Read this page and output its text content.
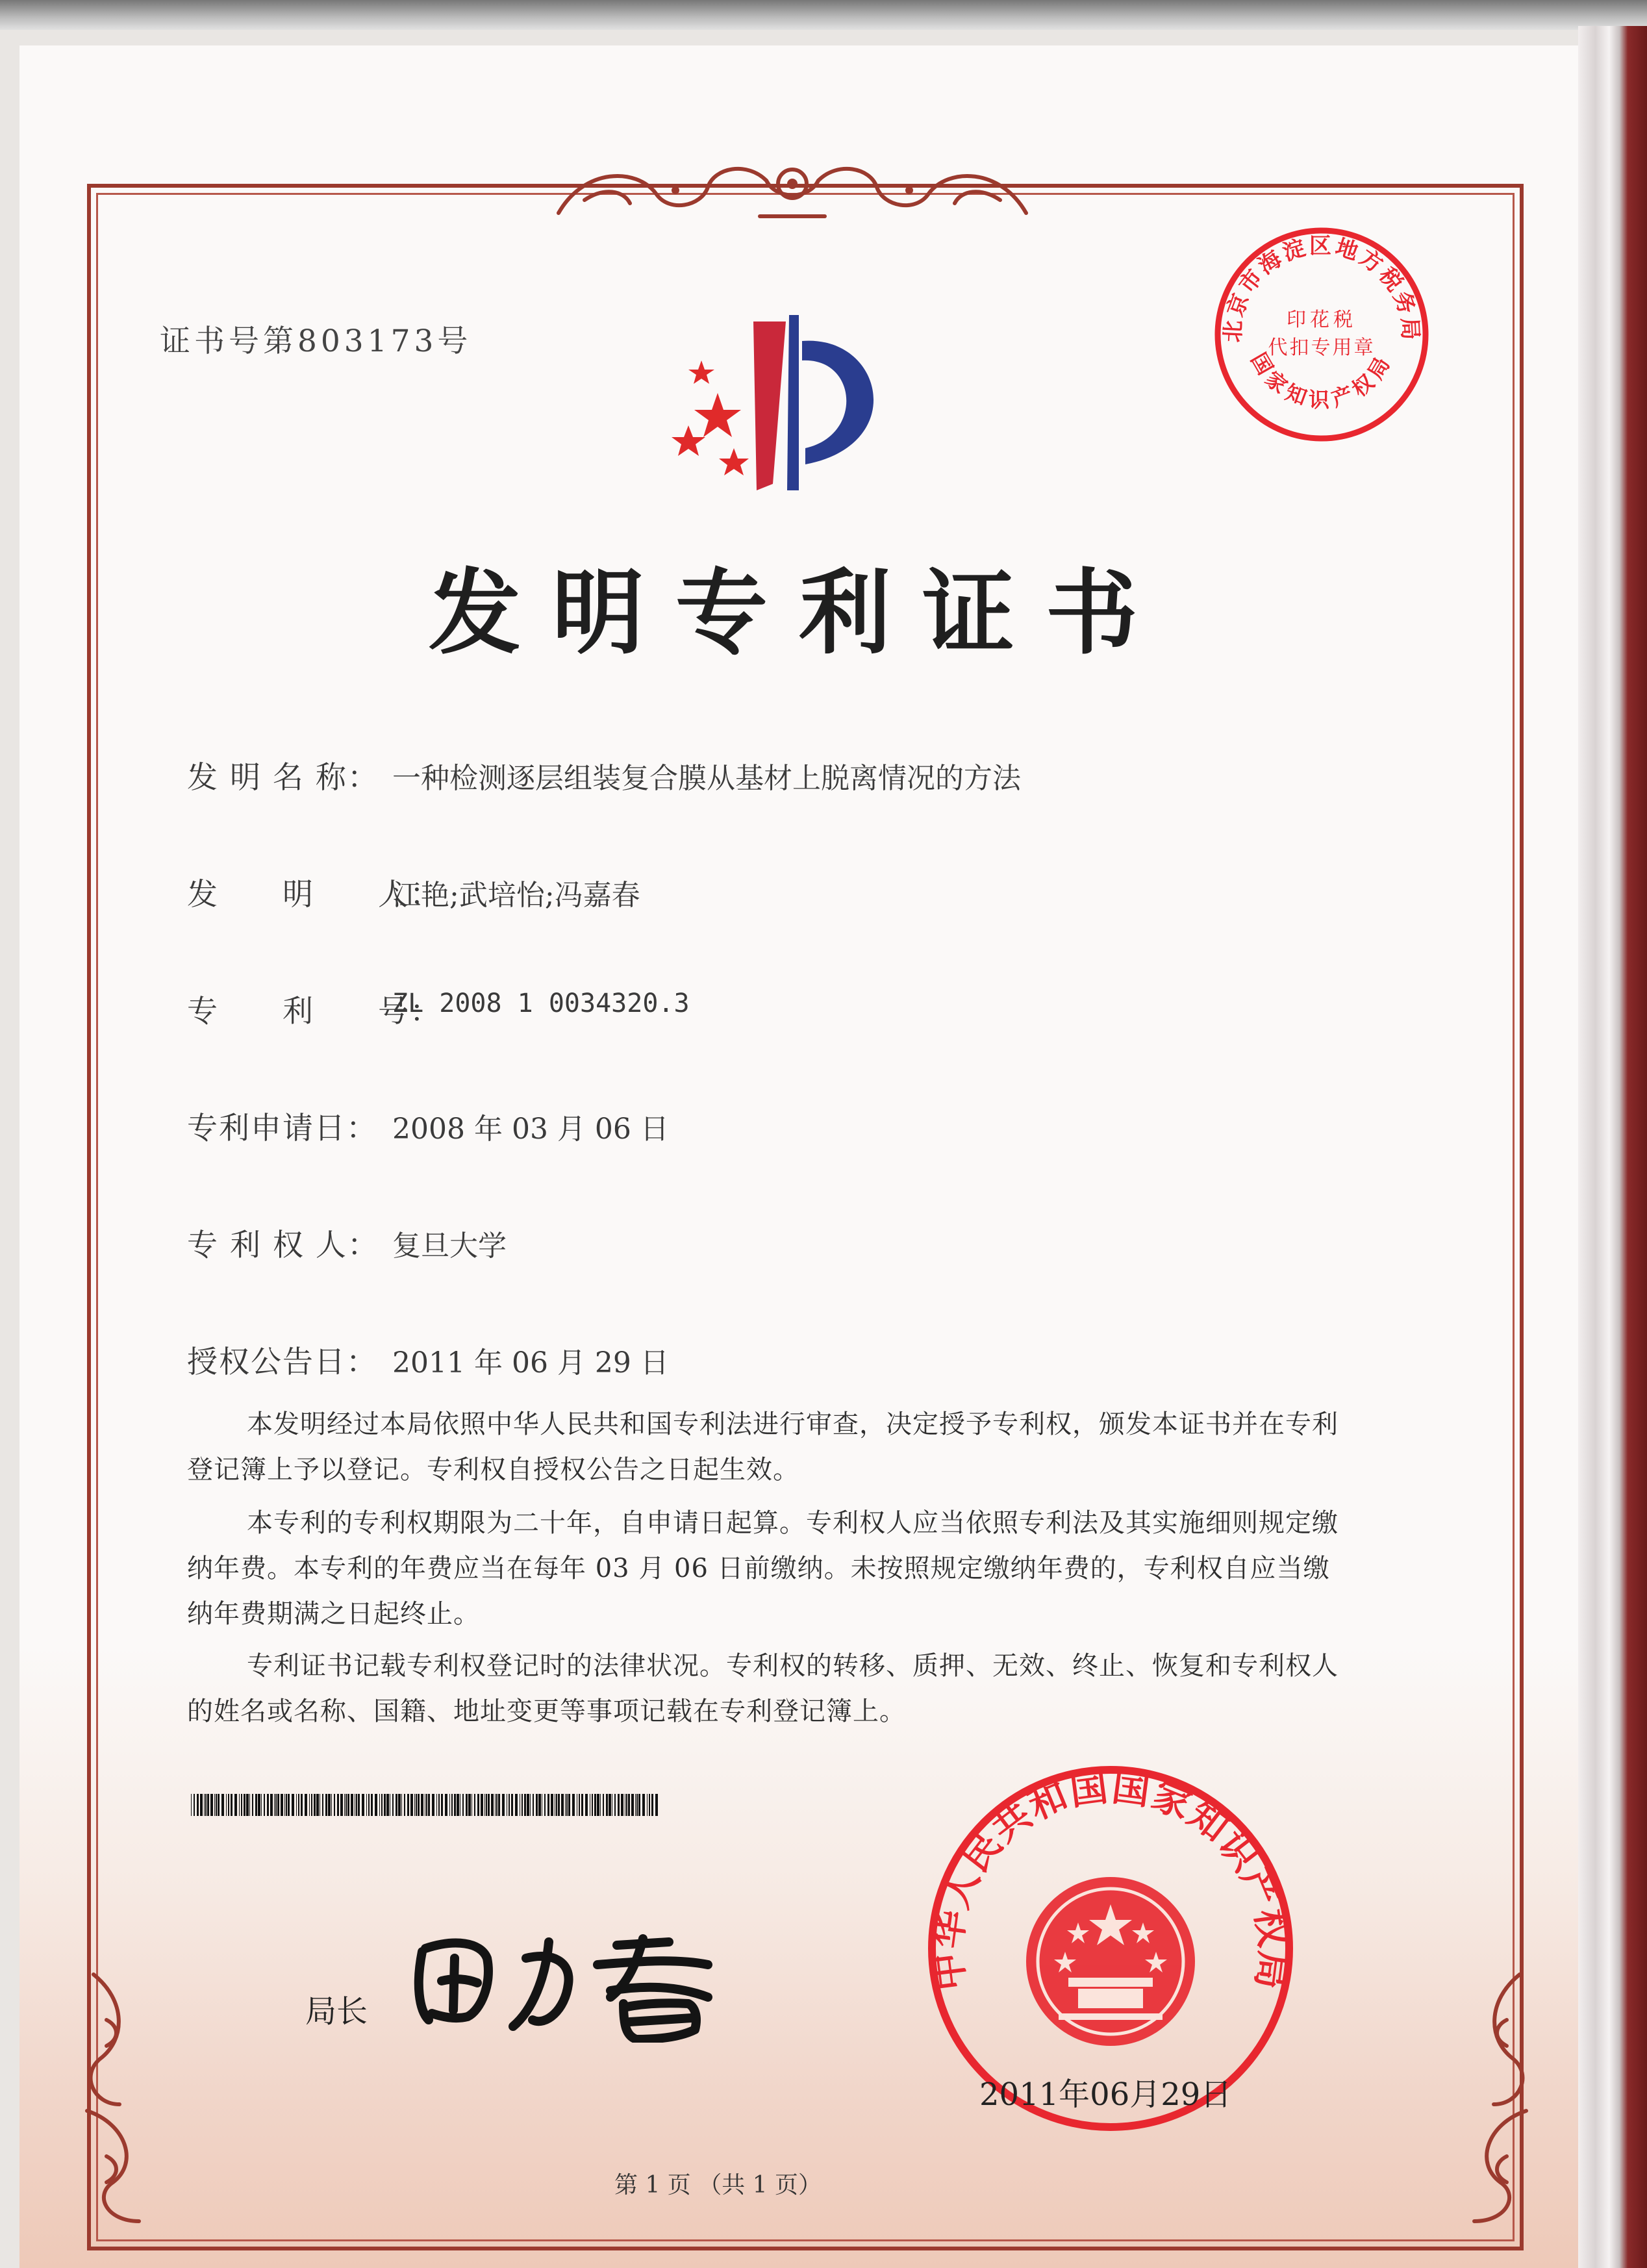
证书号第803173号	北京市海淀区地方税务局
国家知识产权局
印花税
代扣专用章
发明专利证书
发 明 名 称： 一种检测逐层组装复合膜从基材上脱离情况的方法
发　　明　　人：
江艳;武培怡;冯嘉春
专　　利　　号：
ZL 2008 1 0034320.3
专利申请日： 2008 年 03 月 06 日
专 利 权 人： 复旦大学
授权公告日： 2011 年 06 月 29 日
本发明经过本局依照中华人民共和国专利法进行审查，决定授予专利权，颁发本证书并在专利登记簿上予以登记。专利权自授权公告之日起生效。
本专利的专利权期限为二十年，自申请日起算。专利权人应当依照专利法及其实施细则规定缴纳年费。本专利的年费应当在每年 03 月 06 日前缴纳。未按照规定缴纳年费的，专利权自应当缴纳年费期满之日起终止。
专利证书记载专利权登记时的法律状况。专利权的转移、质押、无效、终止、恢复和专利权人的姓名或名称、国籍、地址变更等事项记载在专利登记簿上。
局长
中华人民共和国国家知识产权局
2011年06月29日
第 1 页 （共 1 页）
